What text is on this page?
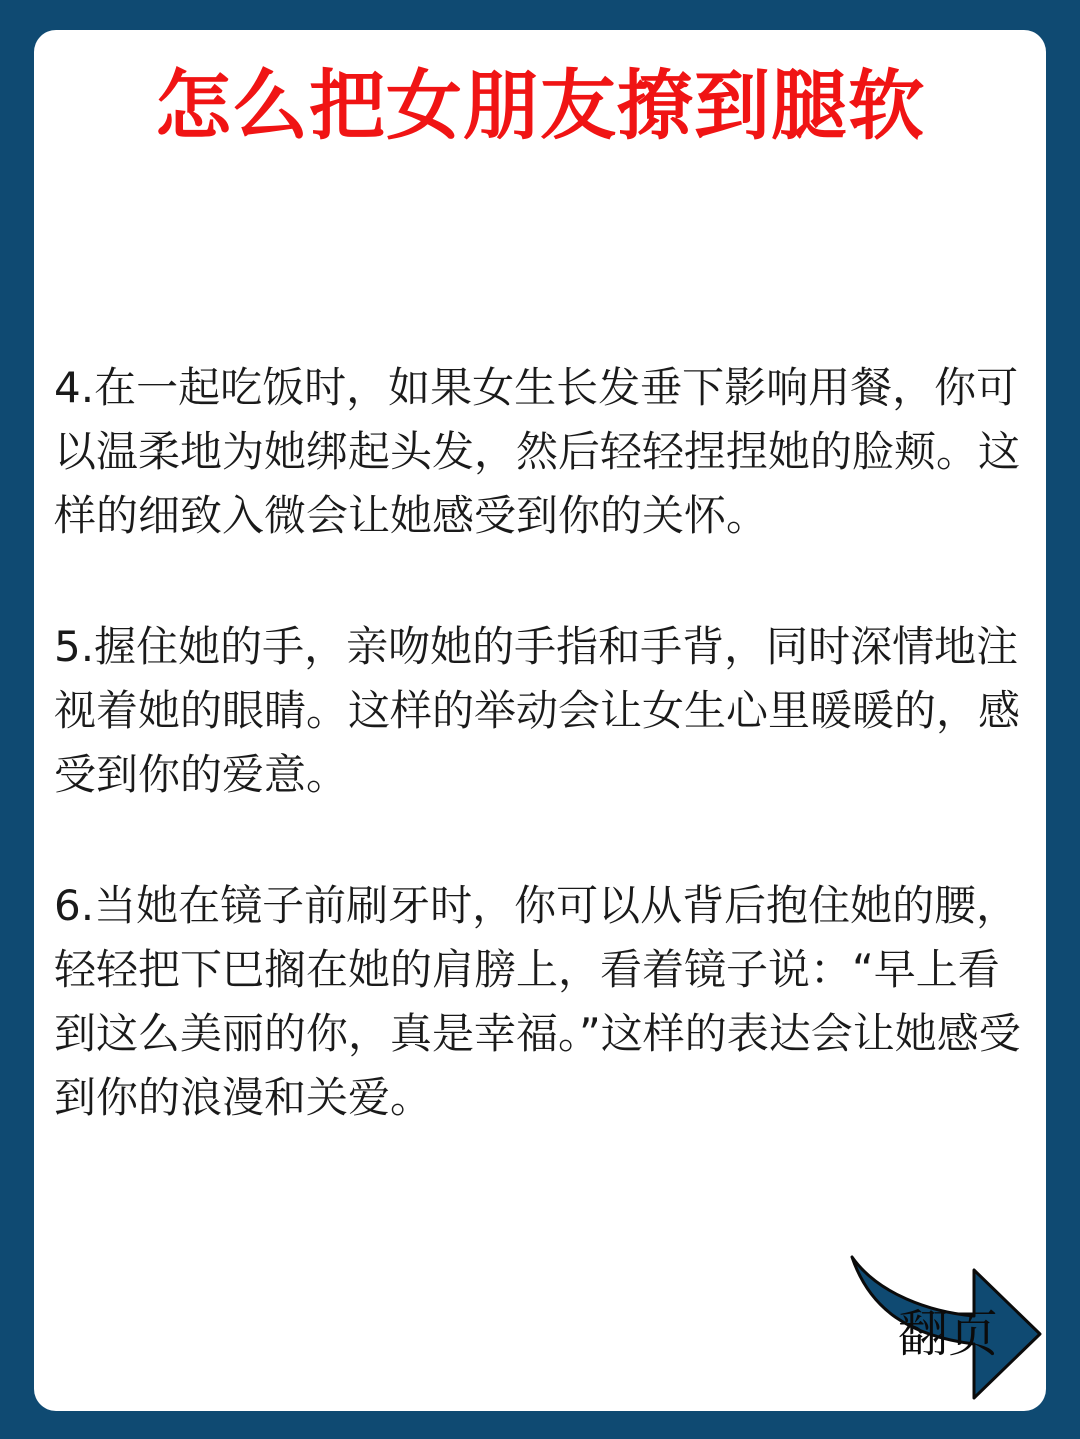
怎么把女朋友撩到腿软

4.在一起吃饭时，如果女生长发垂下影响用餐，你可以温柔地为她绑起头发，然后轻轻捏捏她的脸颊。这样的细致入微会让她感受到你的关怀。

5.握住她的手，亲吻她的手指和手背，同时深情地注视着她的眼睛。这样的举动会让女生心里暖暖的，感受到你的爱意。

6.当她在镜子前刷牙时，你可以从背后抱住她的腰，轻轻把下巴搁在她的肩膀上，看着镜子说：“早上看到这么美丽的你，真是幸福。”这样的表达会让她感受到你的浪漫和关爱。

翻页
